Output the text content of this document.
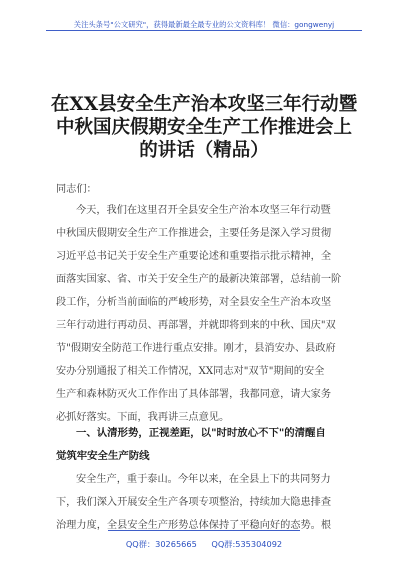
关注头条号"公文研究"，获得最新最全最专业的公文资料库！ 微信：gongwenyj
在XX县安全生产治本攻坚三年行动暨
中秋国庆假期安全生产工作推进会上
的讲话（精品）
同志们：
今天，我们在这里召开全县安全生产治本攻坚三年行动暨
中秋国庆假期安全生产工作推进会，主要任务是深入学习贯彻
习近平总书记关于安全生产重要论述和重要指示批示精神，全
面落实国家、省、市关于安全生产的最新决策部署，总结前一阶
段工作，分析当前面临的严峻形势，对全县安全生产治本攻坚
三年行动进行再动员、再部署，并就即将到来的中秋、国庆"双
节"假期安全防范工作进行重点安排。刚才，县消安办、县政府
安办分别通报了相关工作情况，XX同志对"双节"期间的安全
生产和森林防灭火工作作出了具体部署，我都同意，请大家务
必抓好落实。下面，我再讲三点意见。
一、认清形势，正视差距，以"时时放心不下"的清醒自
觉筑牢安全生产防线
安全生产，重于泰山。今年以来，在全县上下的共同努力
下，我们深入开展安全生产各项专项整治，持续加大隐患排查
治理力度，全县安全生产形势总体保持了平稳向好的态势。根
QQ群：30265665 QQ群:535304092
